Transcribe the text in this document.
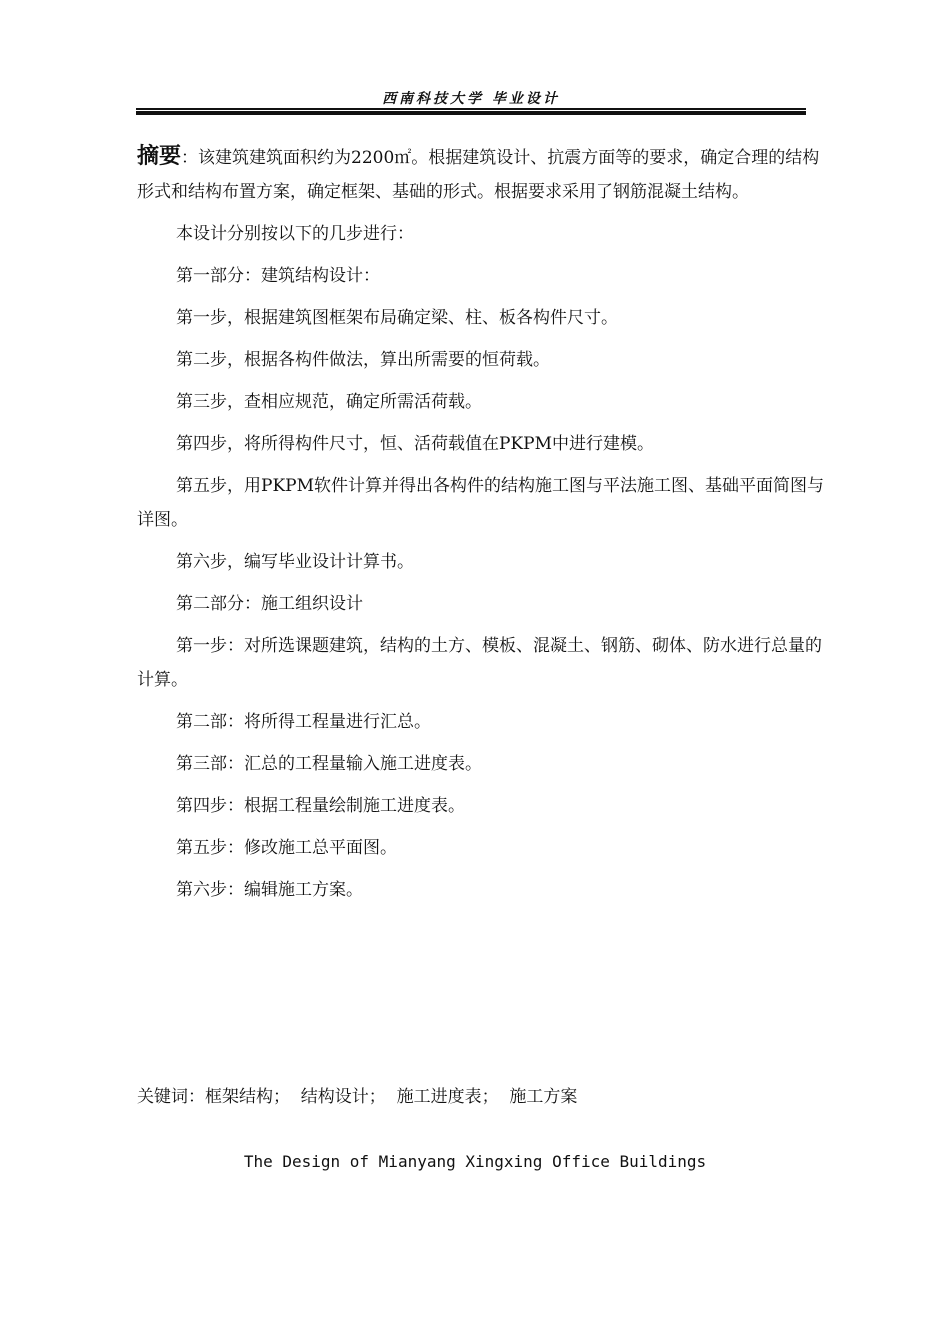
西南科技大学 毕业设计

摘要：该建筑建筑面积约为2200㎡。根据建筑设计、抗震方面等的要求，确定合理的结构形式和结构布置方案，确定框架、基础的形式。根据要求采用了钢筋混凝土结构。

本设计分别按以下的几步进行：

第一部分：建筑结构设计：

第一步，根据建筑图框架布局确定梁、柱、板各构件尺寸。

第二步，根据各构件做法，算出所需要的恒荷载。

第三步，查相应规范，确定所需活荷载。

第四步，将所得构件尺寸，恒、活荷载值在PKPM中进行建模。

第五步，用PKPM软件计算并得出各构件的结构施工图与平法施工图、基础平面简图与详图。

第六步，编写毕业设计计算书。

第二部分：施工组织设计

第一步：对所选课题建筑，结构的土方、模板、混凝土、钢筋、砌体、防水进行总量的计算。

第二部：将所得工程量进行汇总。

第三部：汇总的工程量输入施工进度表。

第四步：根据工程量绘制施工进度表。

第五步：修改施工总平面图。

第六步：编辑施工方案。

关键词：框架结构；  结构设计；  施工进度表；  施工方案
The Design of Mianyang Xingxing Office Buildings
